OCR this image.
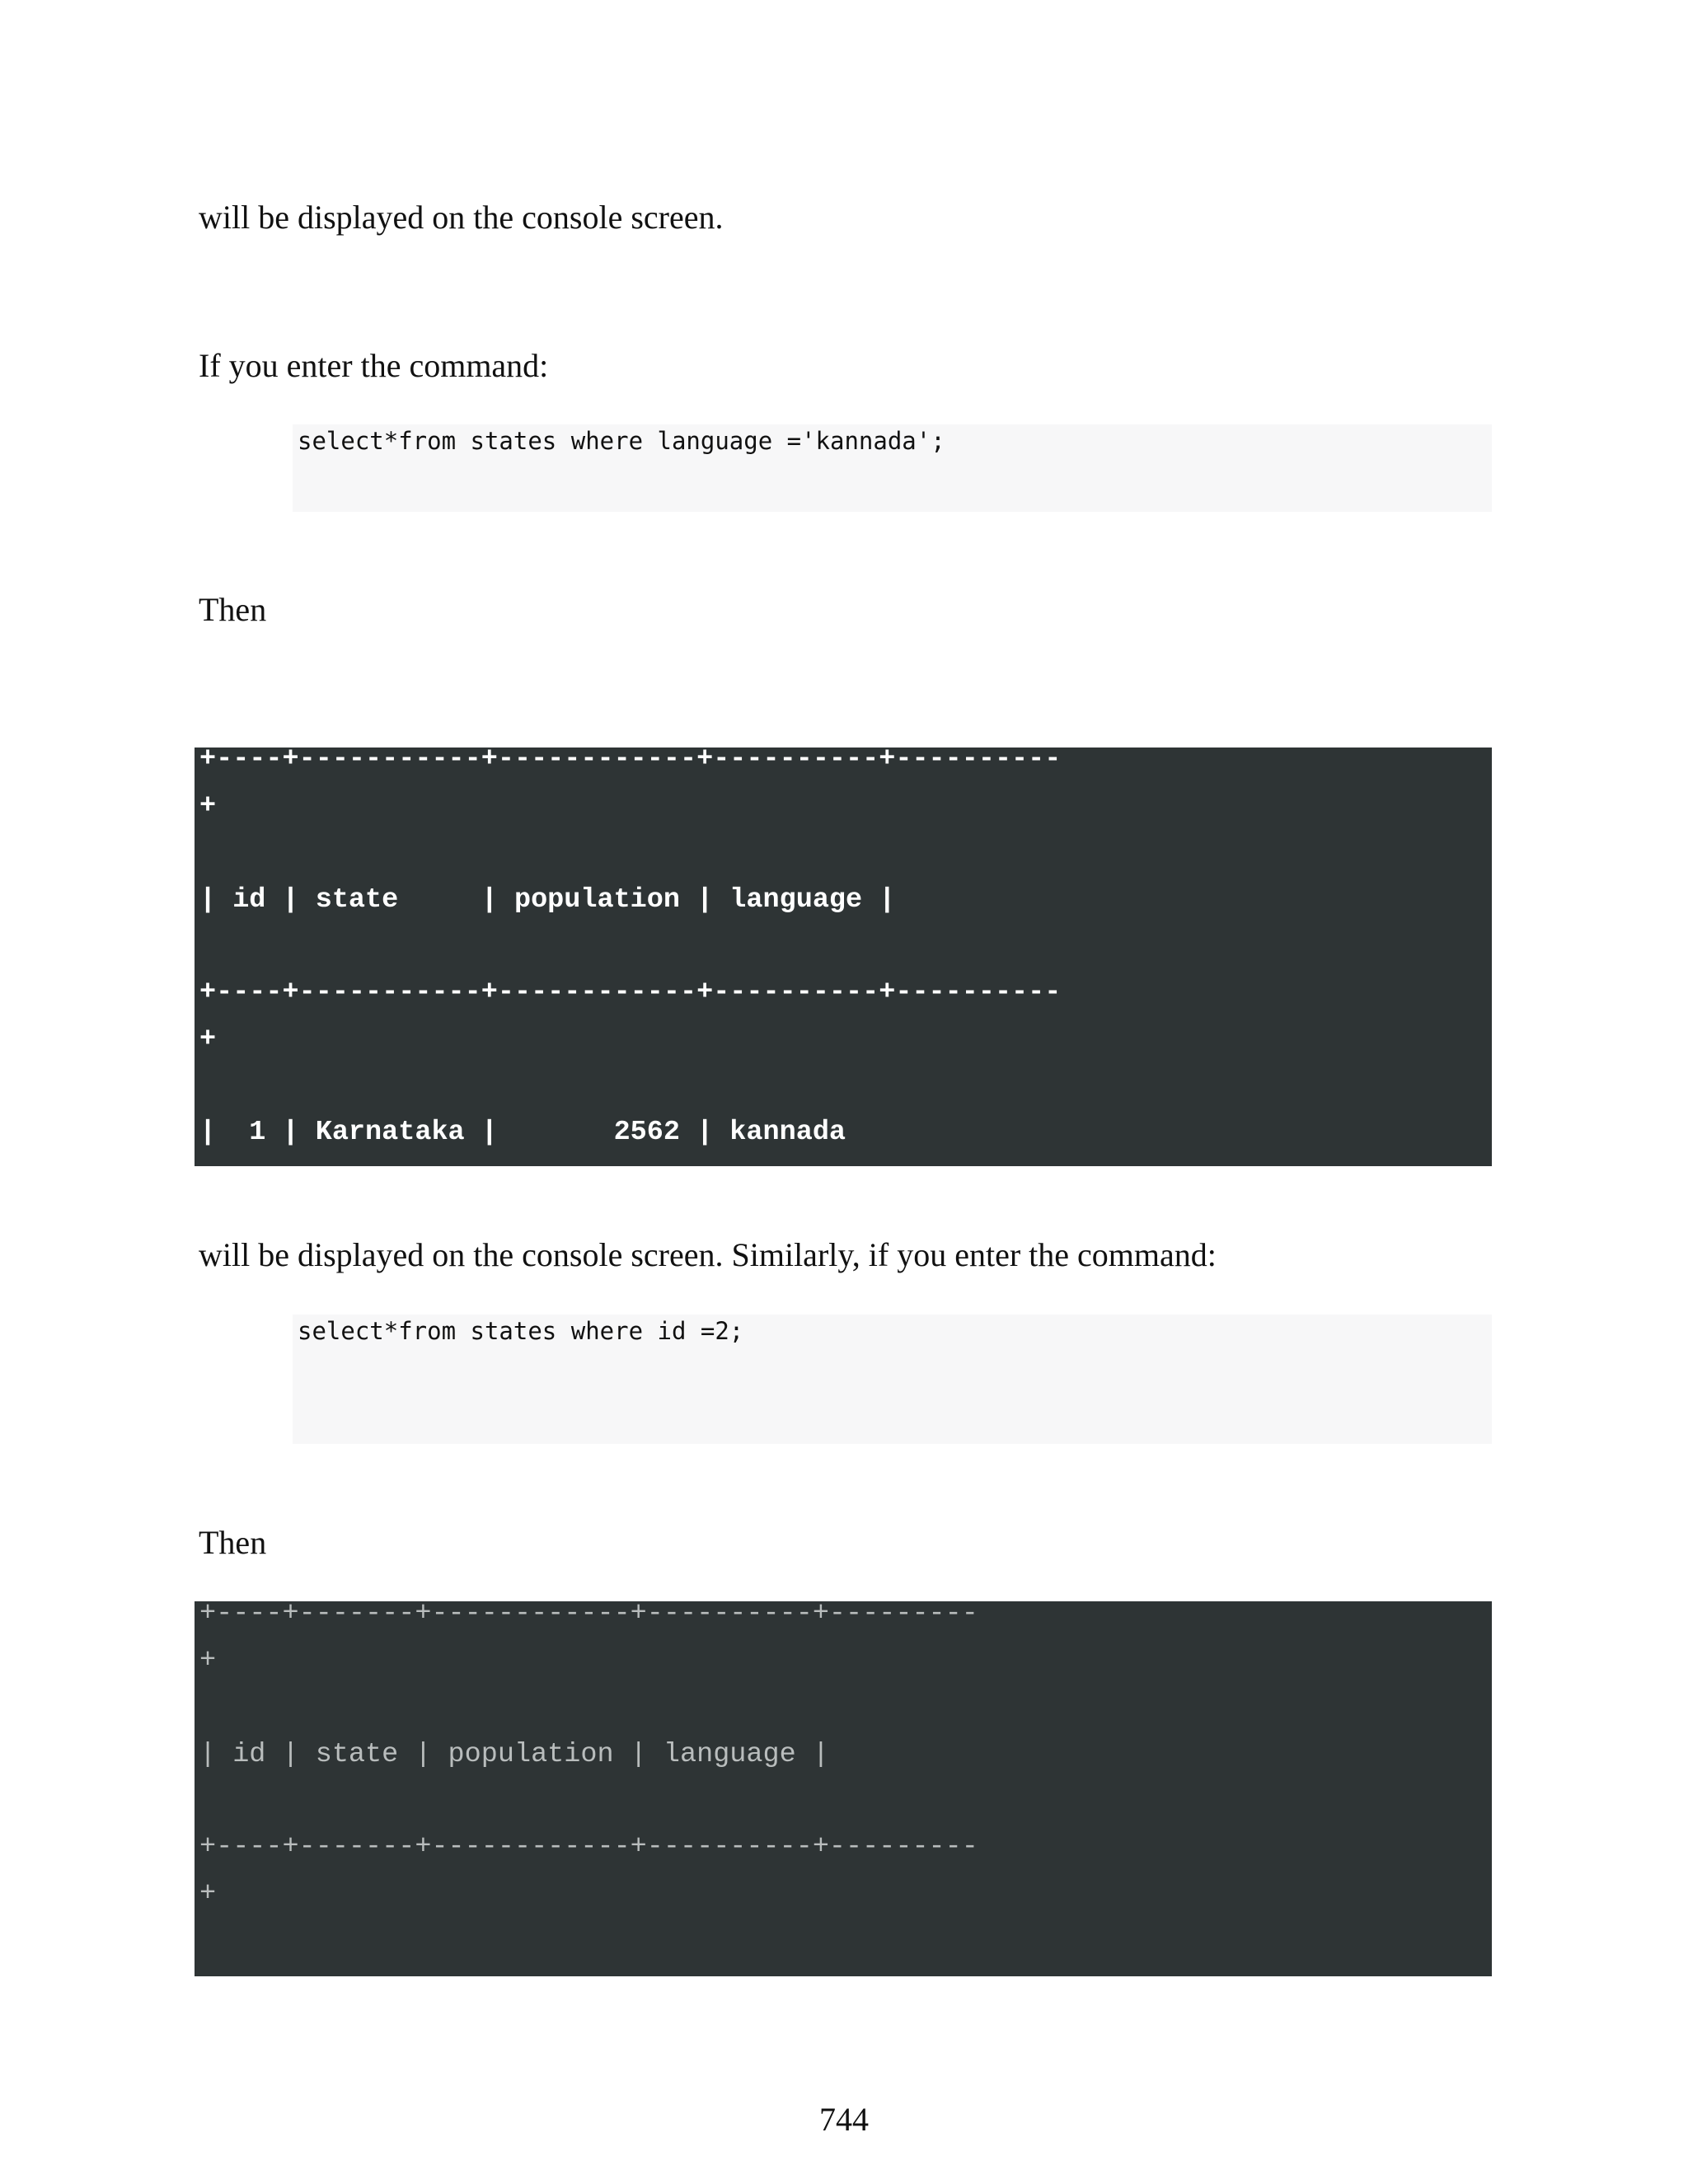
will be displayed on the console screen.

If you enter the command:

select*from states where language ='kannada';

Then

+----+-----------+------------+----------+----------

+

| id | state     | population | language |

+----+-----------+------------+----------+----------

+

|  1 | Karnataka |       2562 | kannada

will be displayed on the console screen. Similarly, if you enter the command:

select*from states where id =2;

Then

+----+-------+------------+----------+---------

+

| id | state | population | language |

+----+-------+------------+----------+---------

+

744
